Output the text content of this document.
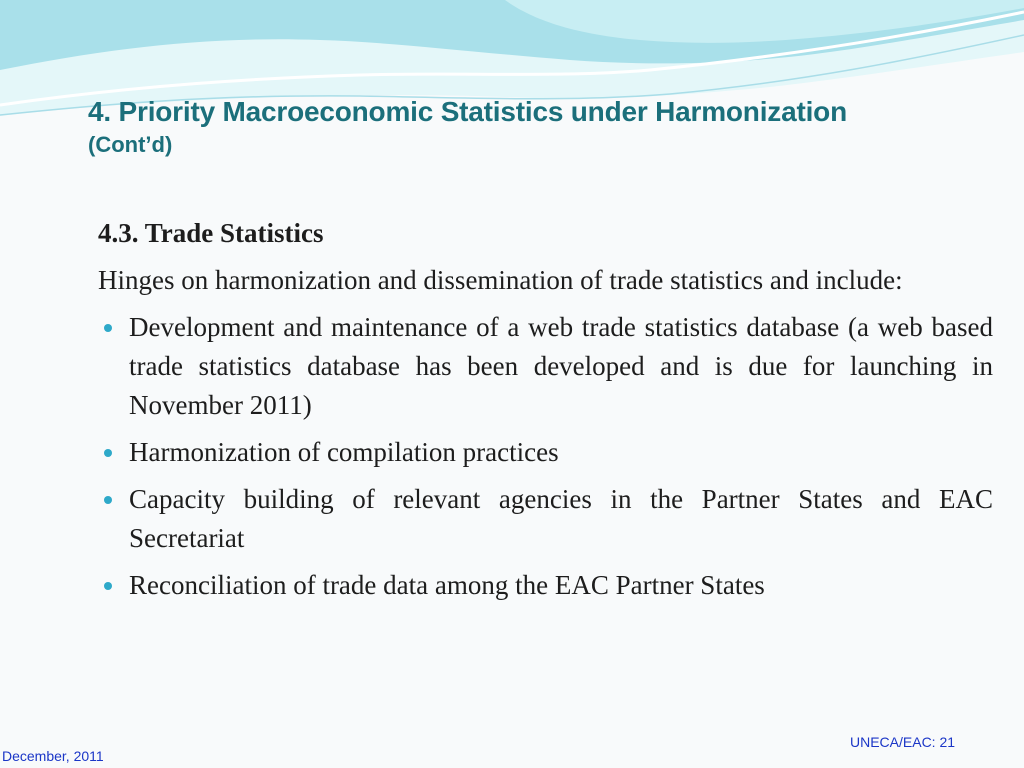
4. Priority Macroeconomic Statistics under Harmonization
(Cont’d)
4.3. Trade Statistics
Hinges on harmonization and dissemination of trade statistics and include:
Development and maintenance of a web trade statistics database (a web based trade statistics database has been developed and is due for launching in November 2011)
Harmonization of compilation practices
Capacity building of relevant agencies in the Partner States and EAC Secretariat
Reconciliation of trade data among the EAC Partner States
UNECA/EAC: 21
December, 2011
